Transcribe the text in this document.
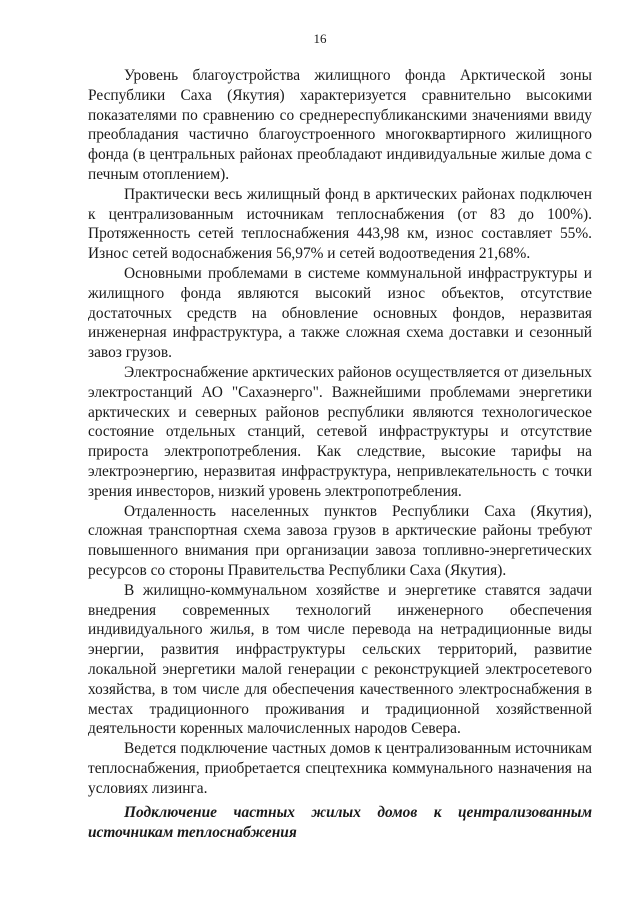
16

Уровень благоустройства жилищного фонда Арктической зоны Республики Саха (Якутия) характеризуется сравнительно высокими показателями по сравнению со среднереспубликанскими значениями ввиду преобладания частично благоустроенного многоквартирного жилищного фонда (в центральных районах преобладают индивидуальные жилые дома с печным отоплением).

Практически весь жилищный фонд в арктических районах подключен к централизованным источникам теплоснабжения (от 83 до 100%). Протяженность сетей теплоснабжения 443,98 км, износ составляет 55%. Износ сетей водоснабжения 56,97% и сетей водоотведения 21,68%.

Основными проблемами в системе коммунальной инфраструктуры и жилищного фонда являются высокий износ объектов, отсутствие достаточных средств на обновление основных фондов, неразвитая инженерная инфраструктура, а также сложная схема доставки и сезонный завоз грузов.

Электроснабжение арктических районов осуществляется от дизельных электростанций АО "Сахаэнерго". Важнейшими проблемами энергетики арктических и северных районов республики являются технологическое состояние отдельных станций, сетевой инфраструктуры и отсутствие прироста электропотребления. Как следствие, высокие тарифы на электроэнергию, неразвитая инфраструктура, непривлекательность с точки зрения инвесторов, низкий уровень электропотребления.

Отдаленность населенных пунктов Республики Саха (Якутия), сложная транспортная схема завоза грузов в арктические районы требуют повышенного внимания при организации завоза топливно-энергетических ресурсов со стороны Правительства Республики Саха (Якутия).

В жилищно-коммунальном хозяйстве и энергетике ставятся задачи внедрения современных технологий инженерного обеспечения индивидуального жилья, в том числе перевода на нетрадиционные виды энергии, развития инфраструктуры сельских территорий, развитие локальной энергетики малой генерации с реконструкцией электросетевого хозяйства, в том числе для обеспечения качественного электроснабжения в местах традиционного проживания и традиционной хозяйственной деятельности коренных малочисленных народов Севера.

Ведется подключение частных домов к централизованным источникам теплоснабжения, приобретается спецтехника коммунального назначения на условиях лизинга.

Подключение частных жилых домов к централизованным источникам теплоснабжения
